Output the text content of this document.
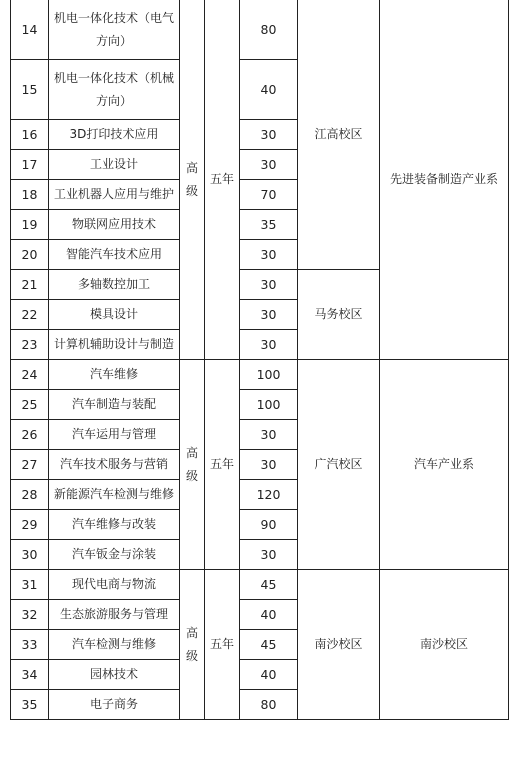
14	机电一体化技术（电气方向）	高级	五年	80	江高校区	先进装备制造产业系
15	机电一体化技术（机械方向）			40		
16	3D打印技术应用			30		
17	工业设计			30		
18	工业机器人应用与维护			70		
19	物联网应用技术			35		
20	智能汽车技术应用			30		
21	多轴数控加工			30	马务校区	
22	模具设计			30		
23	计算机辅助设计与制造			30		
24	汽车维修	高级	五年	100	广汽校区	汽车产业系
25	汽车制造与装配			100		
26	汽车运用与管理			30		
27	汽车技术服务与营销			30		
28	新能源汽车检测与维修			120		
29	汽车维修与改装			90		
30	汽车钣金与涂装			30		
31	现代电商与物流	高级	五年	45	南沙校区	南沙校区
32	生态旅游服务与管理			40		
33	汽车检测与维修			45		
34	园林技术			40		
35	电子商务			80		
